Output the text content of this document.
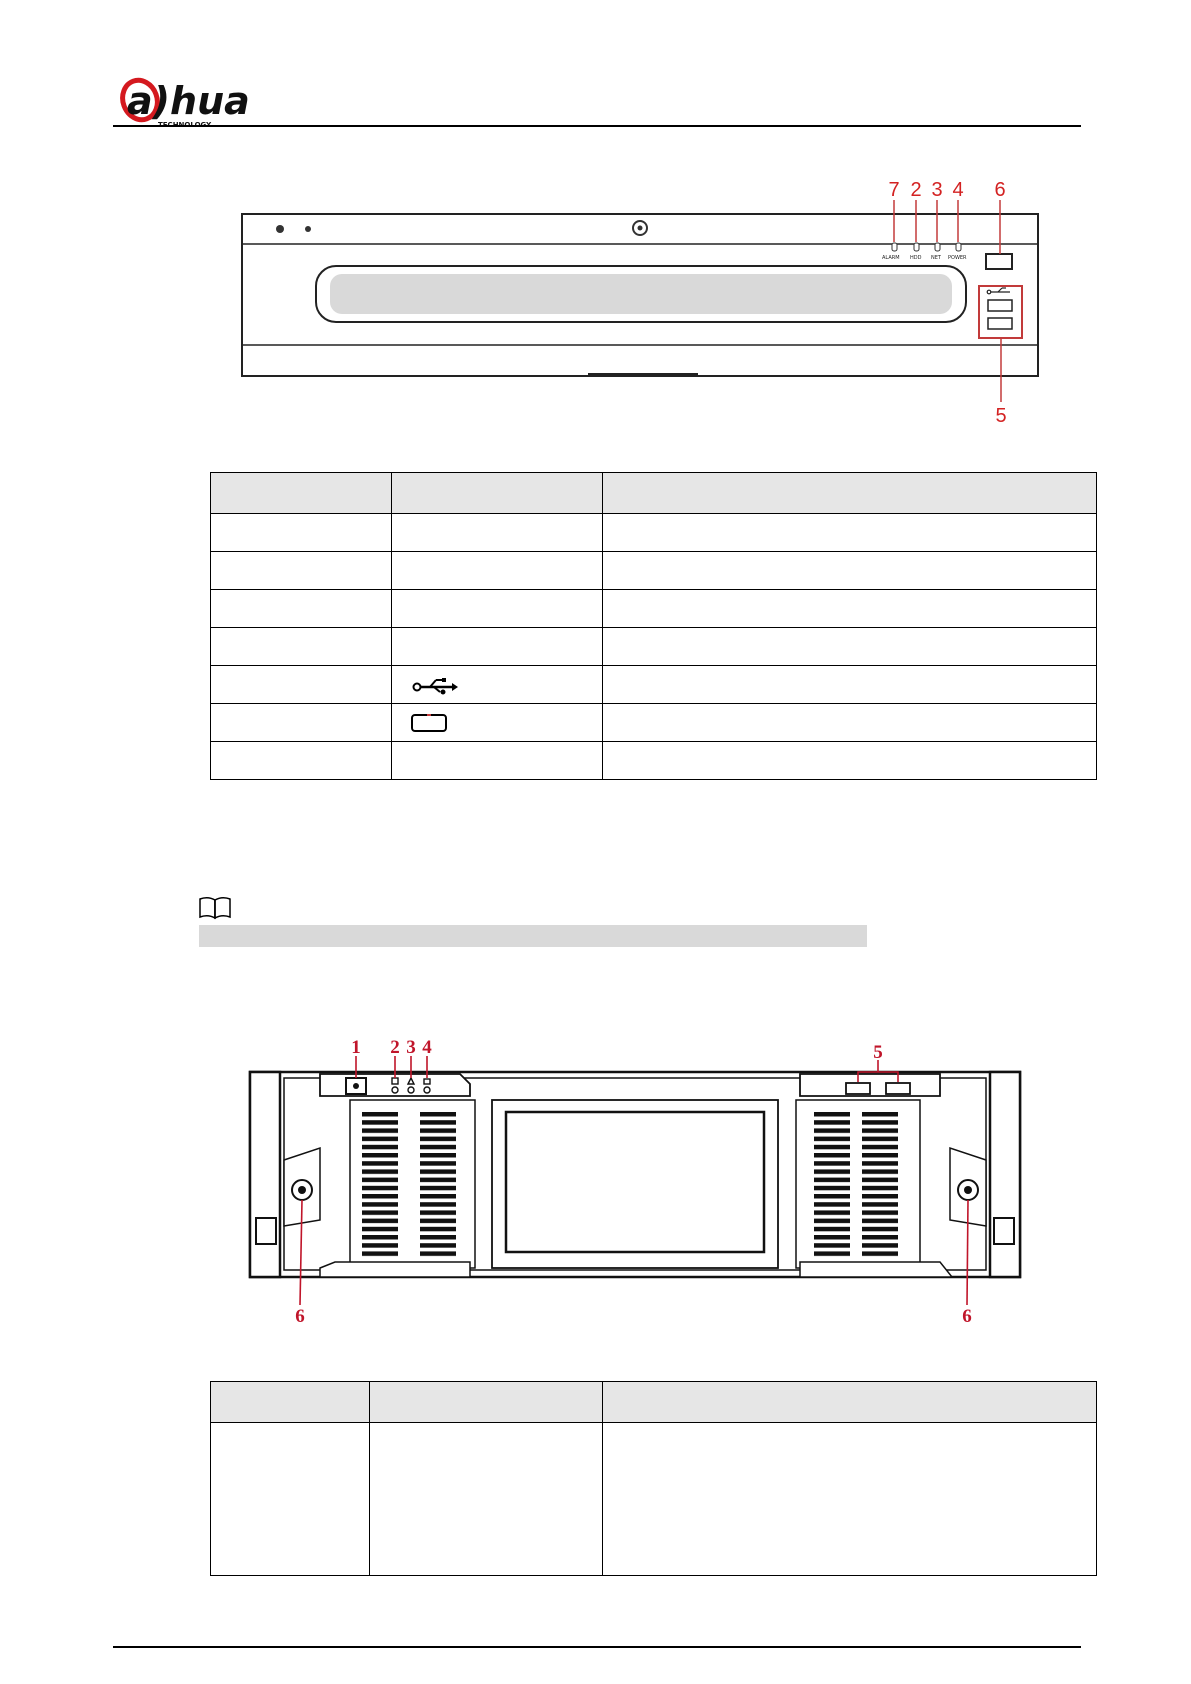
a)hua
TECHNOLOGY
ALARM HDD NET POWER
7 2 3 4 6
5

1 2 3 4	5
6	6
